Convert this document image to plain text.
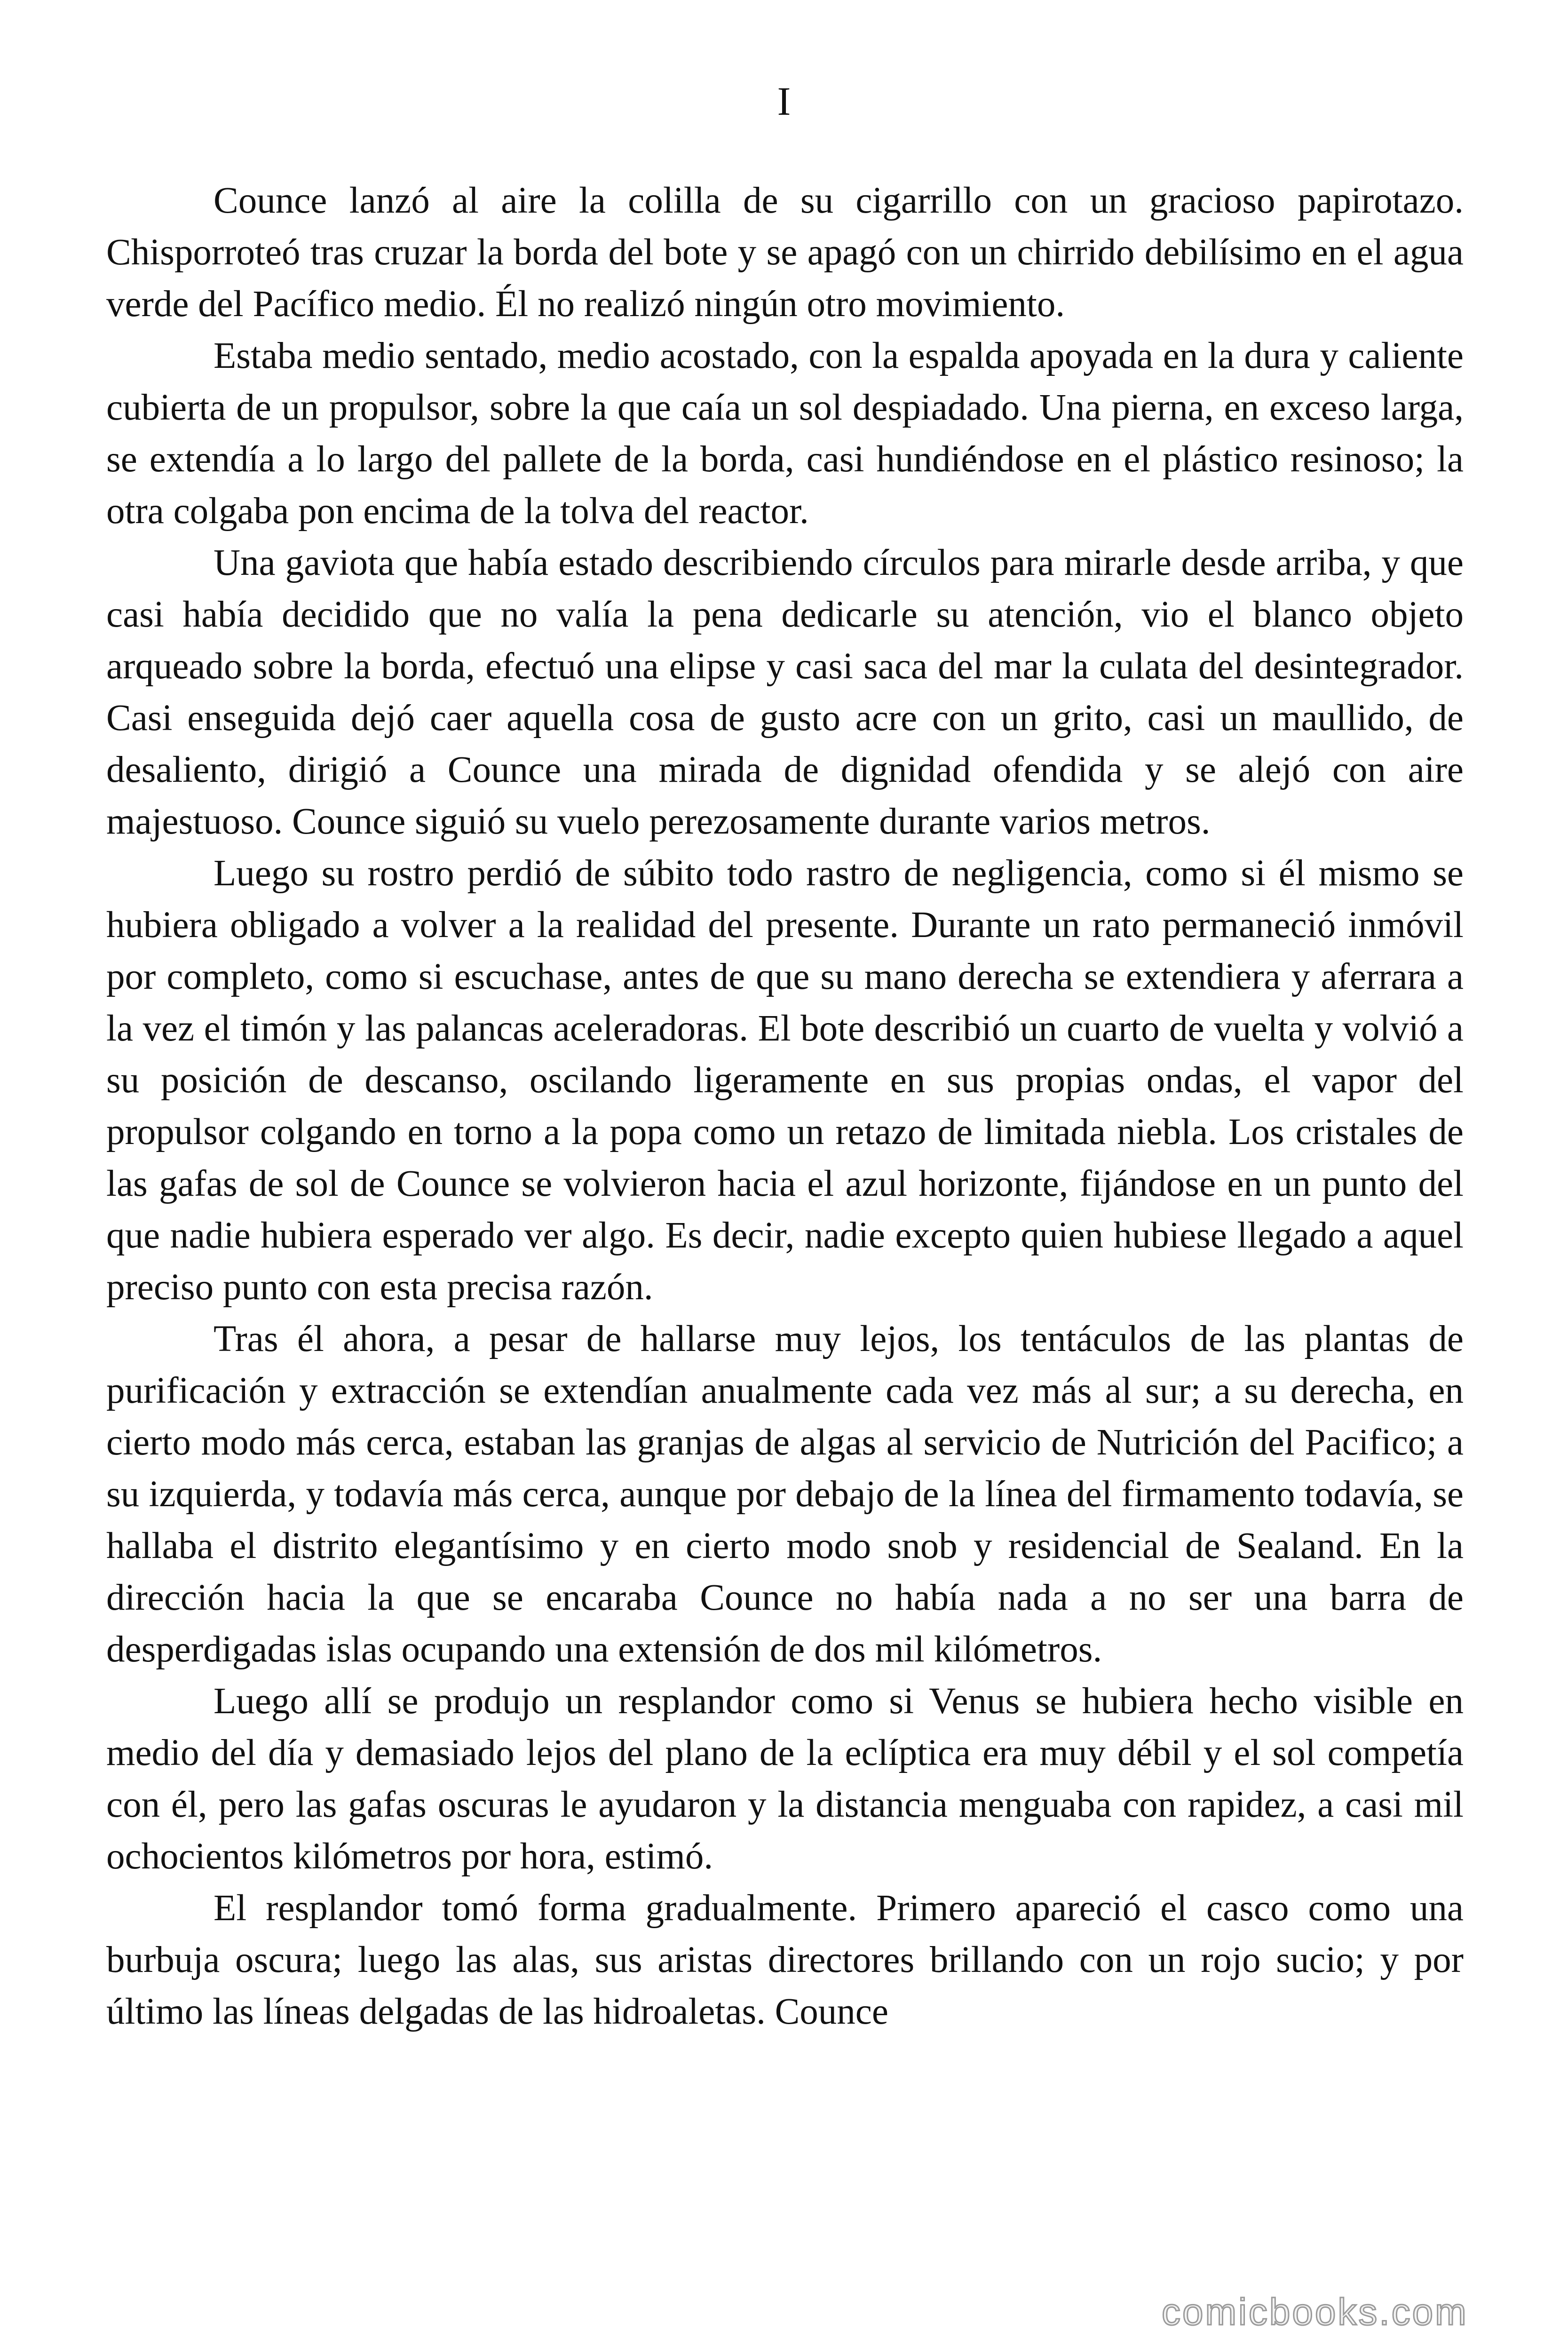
I

Counce lanzó al aire la colilla de su cigarrillo con un gracioso papirotazo. Chisporroteó tras cruzar la borda del bote y se apagó con un chirrido debilísimo en el agua verde del Pacífico medio. Él no realizó ningún otro movimiento.

Estaba medio sentado, medio acostado, con la espalda apoyada en la dura y caliente cubierta de un propulsor, sobre la que caía un sol despiadado. Una pierna, en exceso larga, se extendía a lo largo del pallete de la borda, casi hundiéndose en el plástico resinoso; la otra colgaba pon encima de la tolva del reactor.

Una gaviota que había estado describiendo círculos para mirarle desde arriba, y que casi había decidido que no valía la pena dedicarle su atención, vio el blanco objeto arqueado sobre la borda, efectuó una elipse y casi saca del mar la culata del desintegrador. Casi enseguida dejó caer aquella cosa de gusto acre con un grito, casi un maullido, de desaliento, dirigió a Counce una mirada de dignidad ofendida y se alejó con aire majestuoso. Counce siguió su vuelo perezosamente durante varios metros.

Luego su rostro perdió de súbito todo rastro de negligencia, como si él mismo se hubiera obligado a volver a la realidad del presente. Durante un rato permaneció inmóvil por completo, como si escuchase, antes de que su mano derecha se extendiera y aferrara a la vez el timón y las palancas aceleradoras. El bote describió un cuarto de vuelta y volvió a su posición de descanso, oscilando ligeramente en sus propias ondas, el vapor del propulsor colgando en torno a la popa como un retazo de limitada niebla. Los cristales de las gafas de sol de Counce se volvieron hacia el azul horizonte, fijándose en un punto del que nadie hubiera esperado ver algo. Es decir, nadie excepto quien hubiese llegado a aquel preciso punto con esta precisa razón.

Tras él ahora, a pesar de hallarse muy lejos, los tentáculos de las plantas de purificación y extracción se extendían anualmente cada vez más al sur; a su derecha, en cierto modo más cerca, estaban las granjas de algas al servicio de Nutrición del Pacifico; a su izquierda, y todavía más cerca, aunque por debajo de la línea del firmamento todavía, se hallaba el distrito elegantísimo y en cierto modo snob y residencial de Sealand. En la dirección hacia la que se encaraba Counce no había nada a no ser una barra de desperdigadas islas ocupando una extensión de dos mil kilómetros.

Luego allí se produjo un resplandor como si Venus se hubiera hecho visible en medio del día y demasiado lejos del plano de la eclíptica era muy débil y el sol competía con él, pero las gafas oscuras le ayudaron y la distancia menguaba con rapidez, a casi mil ochocientos kilómetros por hora, estimó.

El resplandor tomó forma gradualmente. Primero apareció el casco como una burbuja oscura; luego las alas, sus aristas directores brillando con un rojo sucio; y por último las líneas delgadas de las hidroaletas. Counce

comicbooks.com
